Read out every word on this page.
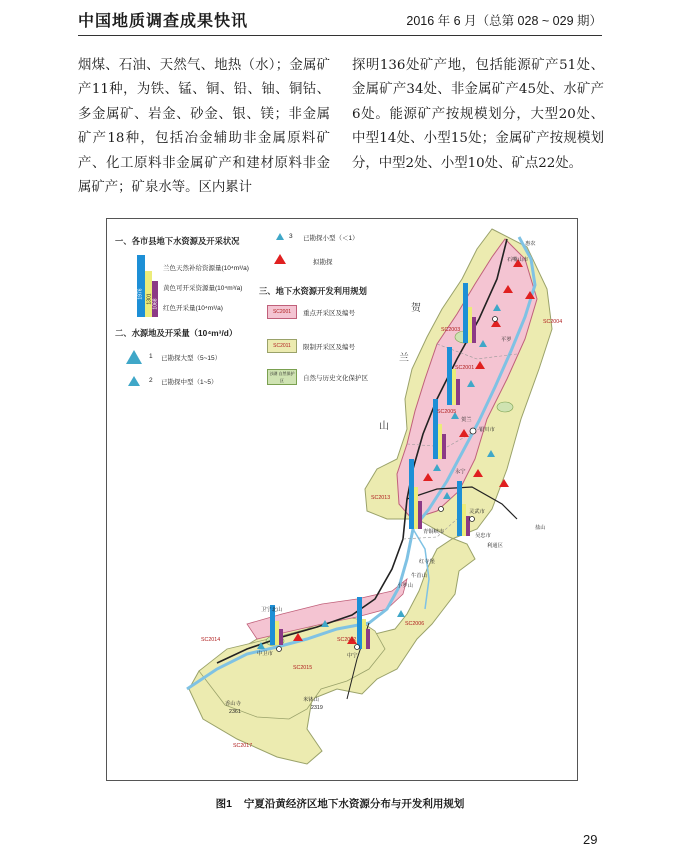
中国地质调查成果快讯	2016 年 6 月（总第 028 ~ 029 期）

烟煤、石油、天然气、地热（水）；金属矿产11种，为铁、锰、铜、铅、铀、铜钴、多金属矿、岩金、砂金、银、镁；非金属矿产18种，包括冶金辅助非金属原料矿产、化工原料非金属矿产和建材原料非金属矿产；矿泉水等。区内累计

探明136处矿产地，包括能源矿产51处、金属矿产34处、非金属矿产45处、水矿产6处。能源矿产按规模划分，大型20处、中型14处、小型15处；金属矿产按规模划分，中型2处、小型10处、矿点22处。

一、各市县地下水资源及开采状况
1976 1301 1068
兰色天然补给资源量(10⁴m³/a)
黄色可开采资源量(10⁴m³/a)
红色开采量(10⁴m³/a)
二、水源地及开采量（10⁴m³/d）
1 已勘探大型（5~15）
2 已勘探中型（1~5）
3 已勘探小型（＜1）
拟勘探
三、地下水资源开发利用规划
SC2001	重点开采区及编号
SC2011	限制开采区及编号
沙湖 自然保护区	自然与历史文化保护区
贺
兰
山
石嘴山市
惠农
平罗
贺兰
银川市
永宁
青铜峡市
吴忠市
灵武市
利通区
卫宁北山
牛首山
小罗山
中卫市	中宁
香山寺
米钵山
盐山
红寺堡
2361
2319
SC2003
SC2004
SC2001
SC2013
SC2005
SC2002
SC2014
SC2015
SC2017
SC2006
图1 宁夏沿黄经济区地下水资源分布与开发利用规划
29
